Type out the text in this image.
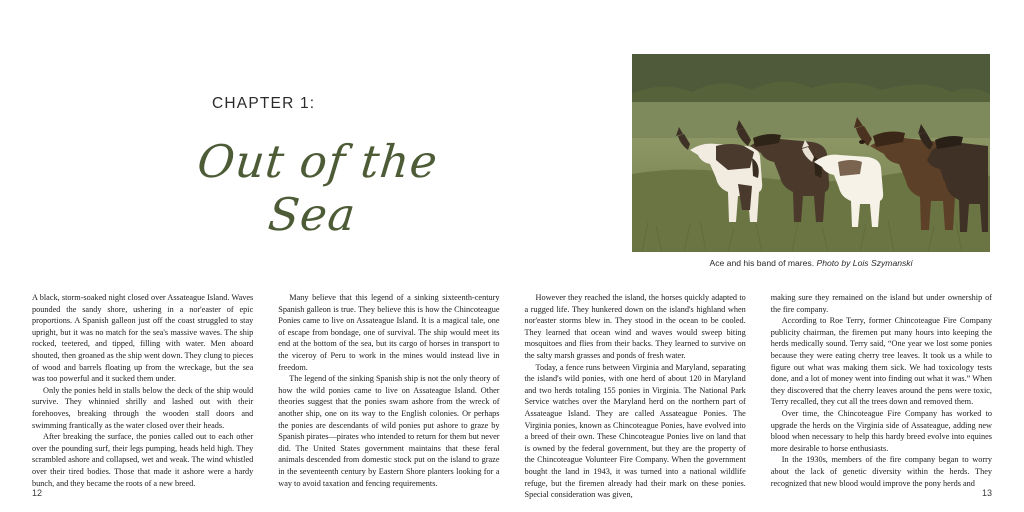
CHAPTER 1:
Out of the Sea
Ace and his band of mares. Photo by Lois Szymanski

A black, storm-soaked night closed over Assateague Island. Waves pounded the sandy shore, ushering in a nor'easter of epic proportions. A Spanish galleon just off the coast struggled to stay upright, but it was no match for the sea's massive waves. The ship rocked, teetered, and tipped, filling with water. Men aboard shouted, then groaned as the ship went down. They clung to pieces of wood and barrels floating up from the wreckage, but the sea was too powerful and it sucked them under.

Only the ponies held in stalls below the deck of the ship would survive. They whinnied shrilly and lashed out with their forehooves, breaking through the wooden stall doors and swimming frantically as the water closed over their heads.

After breaking the surface, the ponies called out to each other over the pounding surf, their legs pumping, heads held high. They scrambled ashore and collapsed, wet and weak. The wind whistled over their tired bodies. Those that made it ashore were a hardy bunch, and they became the roots of a new breed.

Many believe that this legend of a sinking sixteenth-century Spanish galleon is true. They believe this is how the Chincoteague Ponies came to live on Assateague Island. It is a magical tale, one of escape from bondage, one of survival. The ship would meet its end at the bottom of the sea, but its cargo of horses in transport to the viceroy of Peru to work in the mines would instead live in freedom.

The legend of the sinking Spanish ship is not the only theory of how the wild ponies came to live on Assateague Island. Other theories suggest that the ponies swam ashore from the wreck of another ship, one on its way to the English colonies. Or perhaps the ponies are descendants of wild ponies put ashore to graze by Spanish pirates—pirates who intended to return for them but never did. The United States government maintains that these feral animals descended from domestic stock put on the island to graze in the seventeenth century by Eastern Shore planters looking for a way to avoid taxation and fencing requirements.

However they reached the island, the horses quickly adapted to a rugged life. They hunkered down on the island's highland when nor'easter storms blew in. They stood in the ocean to be cooled. They learned that ocean wind and waves would sweep biting mosquitoes and flies from their backs. They learned to survive on the salty marsh grasses and ponds of fresh water.

Today, a fence runs between Virginia and Maryland, separating the island's wild ponies, with one herd of about 120 in Maryland and two herds totaling 155 ponies in Virginia. The National Park Service watches over the Maryland herd on the northern part of Assateague Island. They are called Assateague Ponies. The Virginia ponies, known as Chincoteague Ponies, have evolved into a breed of their own. These Chincoteague Ponies live on land that is owned by the federal government, but they are the property of the Chincoteague Volunteer Fire Company. When the government bought the land in 1943, it was turned into a national wildlife refuge, but the firemen already had their mark on these ponies. Special consideration was given,

making sure they remained on the island but under ownership of the fire company.

According to Roe Terry, former Chincoteague Fire Company publicity chairman, the firemen put many hours into keeping the herds medically sound. Terry said, “One year we lost some ponies because they were eating cherry tree leaves. It took us a while to figure out what was making them sick. We had toxicology tests done, and a lot of money went into finding out what it was.” When they discovered that the cherry leaves around the pens were toxic, Terry recalled, they cut all the trees down and removed them.

Over time, the Chincoteague Fire Company has worked to upgrade the herds on the Virginia side of Assateague, adding new blood when necessary to help this hardy breed evolve into equines more desirable to horse enthusiasts.

In the 1930s, members of the fire company began to worry about the lack of genetic diversity within the herds. They recognized that new blood would improve the pony herds and

12	13
